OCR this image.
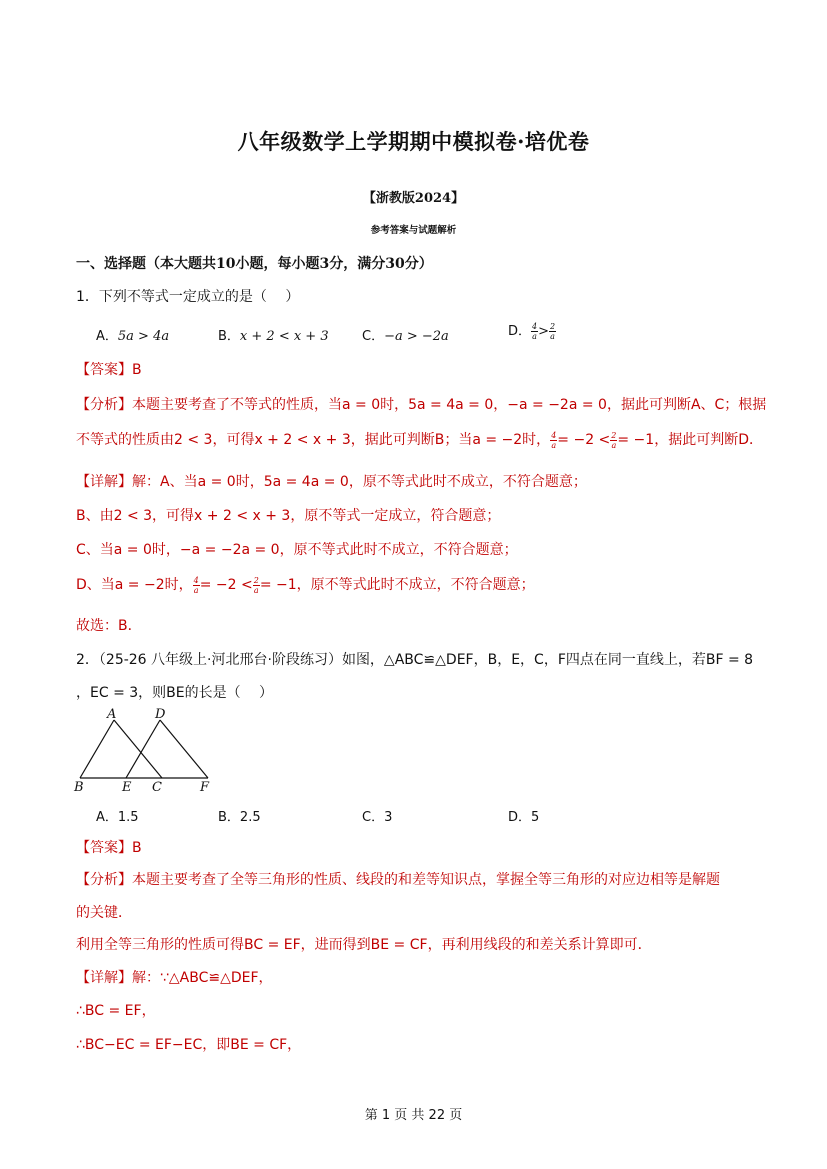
八年级数学上学期期中模拟卷·培优卷
【浙教版2024】
参考答案与试题解析
一、选择题（本大题共10小题，每小题3分，满分30分）
1．下列不等式一定成立的是（　 ）
A．5a > 4a	B．x + 2 < x + 3	C．−a > −2a	D． $\frac{4}{a} > \frac{2}{a}$
【答案】B
【分析】本题主要考查了不等式的性质，当a = 0时，5a = 4a = 0，−a = −2a = 0，据此可判断A、C；根据
不等式的性质由2 < 3，可得x + 2 < x + 3，据此可判断B；当a = −2时， $\frac{4}{a} = -2 < \frac{2}{a} = -1$，据此可判断D．
【详解】解：A、当a = 0时，5a = 4a = 0，原不等式此时不成立，不符合题意；
B、由2 < 3，可得x + 2 < x + 3，原不等式一定成立，符合题意；
C、当a = 0时，−a = −2a = 0，原不等式此时不成立，不符合题意；
D、当a = −2时， $\frac{4}{a} = -2 < \frac{2}{a} = -1$，原不等式此时不成立，不符合题意；
故选：B．
2．（25-26 八年级上·河北邢台·阶段练习）如图，△ABC≌△DEF，B，E，C，F四点在同一直线上，若BF = 8
，EC = 3，则BE的长是（　 ）
A	D
B	E C	F
A．1.5	B．2.5	C．3	D．5
【答案】B
【分析】本题主要考查了全等三角形的性质、线段的和差等知识点，掌握全等三角形的对应边相等是解题
的关键．
利用全等三角形的性质可得BC = EF，进而得到BE = CF，再利用线段的和差关系计算即可．
【详解】解：∵△ABC≌△DEF，
∴BC = EF，
∴BC−EC = EF−EC，即BE = CF，
第 1 页 共 22 页
